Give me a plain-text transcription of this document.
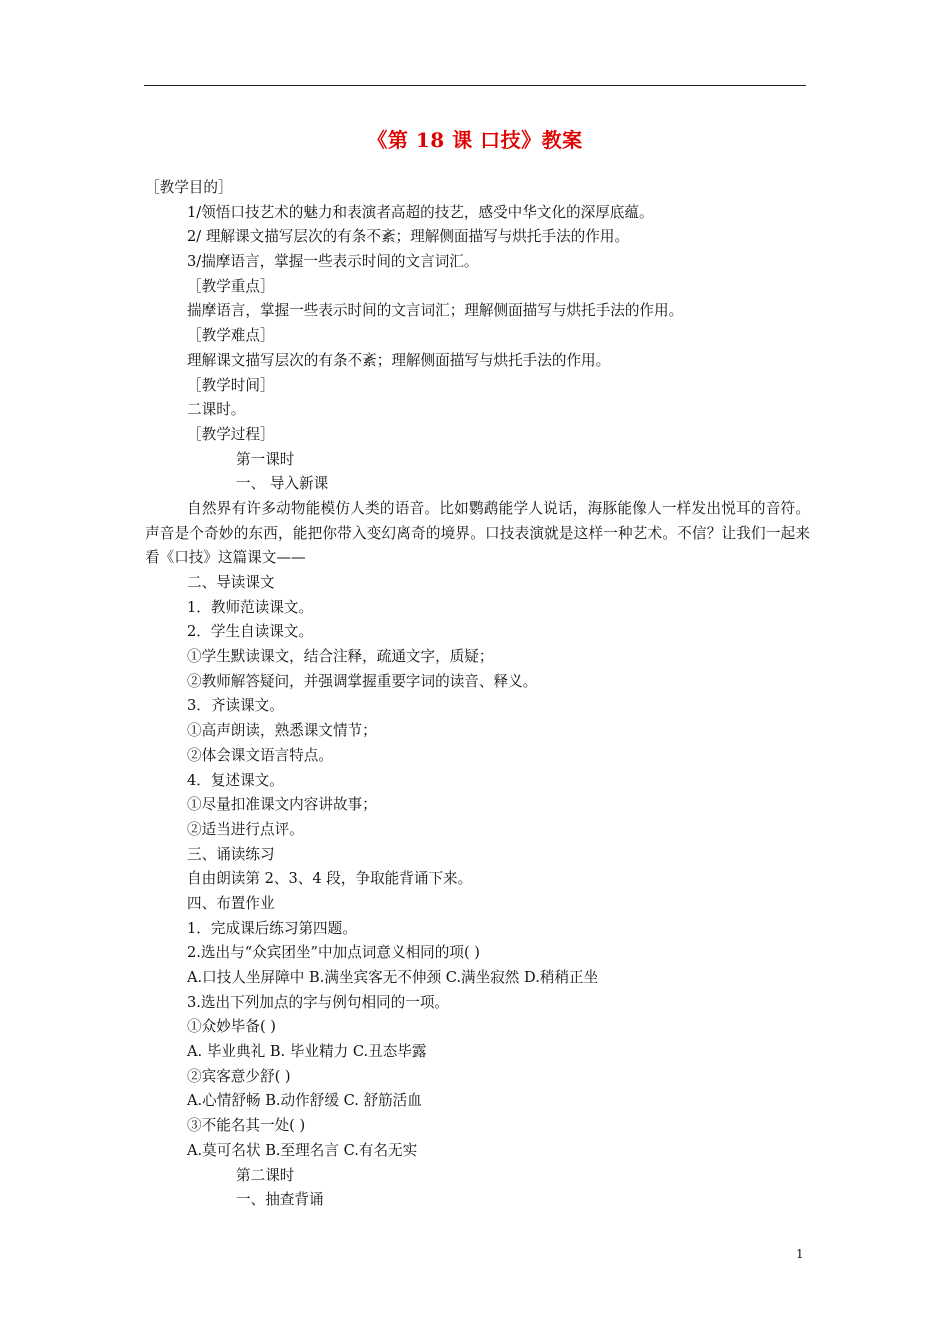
《第 18 课 口技》教案
［教学目的］
1/领悟口技艺术的魅力和表演者高超的技艺，感受中华文化的深厚底蕴。
2/ 理解课文描写层次的有条不紊；理解侧面描写与烘托手法的作用。
3/揣摩语言，掌握一些表示时间的文言词汇。
［教学重点］
揣摩语言，掌握一些表示时间的文言词汇；理解侧面描写与烘托手法的作用。
［教学难点］
理解课文描写层次的有条不紊；理解侧面描写与烘托手法的作用。
［教学时间］
二课时。
［教学过程］
第一课时
一、 导入新课
自然界有许多动物能模仿人类的语音。比如鹦鹉能学人说话，海豚能像人一样发出悦耳的音符。声音是个奇妙的东西，能把你带入变幻离奇的境界。口技表演就是这样一种艺术。不信？让我们一起来看《口技》这篇课文——
二、导读课文
1．教师范读课文。
2．学生自读课文。
①学生默读课文，结合注释，疏通文字，质疑；
②教师解答疑问，并强调掌握重要字词的读音、释义。
3．齐读课文。
①高声朗读，熟悉课文情节；
②体会课文语言特点。
4．复述课文。
①尽量扣准课文内容讲故事；
②适当进行点评。
三、诵读练习
自由朗读第 2、3、4 段，争取能背诵下来。
四、布置作业
1．完成课后练习第四题。
2.选出与“众宾团坐”中加点词意义相同的项( )
A.口技人坐屏障中 B.满坐宾客无不伸颈 C.满坐寂然 D.稍稍正坐
3.选出下列加点的字与例句相同的一项。
①众妙毕备( )
A. 毕业典礼 B. 毕业精力 C.丑态毕露
②宾客意少舒( )
A.心情舒畅 B.动作舒缓 C. 舒筋活血
③不能名其一处( )
A.莫可名状 B.至理名言 C.有名无实
第二课时
一、抽查背诵
1
